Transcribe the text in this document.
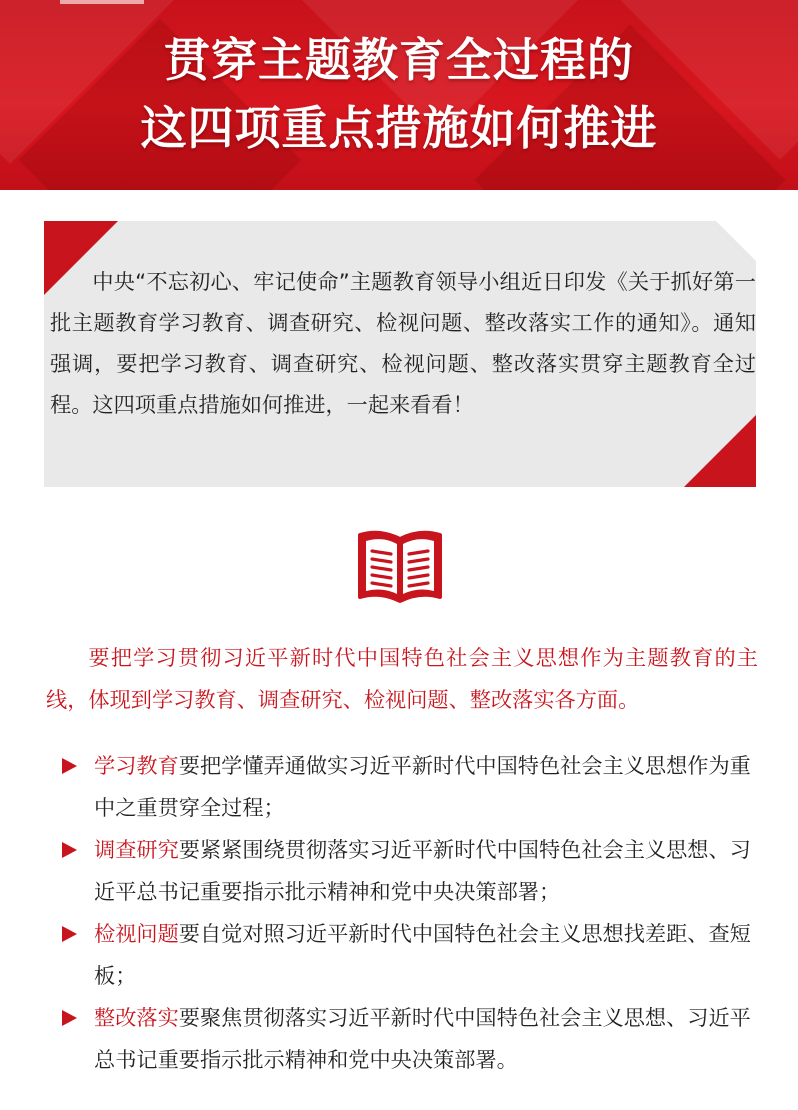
贯穿主题教育全过程的
这四项重点措施如何推进
中央“不忘初心、牢记使命”主题教育领导小组近日印发《关于抓好第一批主题教育学习教育、调查研究、检视问题、整改落实工作的通知》。通知强调，要把学习教育、调查研究、检视问题、整改落实贯穿主题教育全过程。这四项重点措施如何推进，一起来看看！
要把学习贯彻习近平新时代中国特色社会主义思想作为主题教育的主线，体现到学习教育、调查研究、检视问题、整改落实各方面。
学习教育要把学懂弄通做实习近平新时代中国特色社会主义思想作为重中之重贯穿全过程；
调查研究要紧紧围绕贯彻落实习近平新时代中国特色社会主义思想、习近平总书记重要指示批示精神和党中央决策部署；
检视问题要自觉对照习近平新时代中国特色社会主义思想找差距、查短板；
整改落实要聚焦贯彻落实习近平新时代中国特色社会主义思想、习近平总书记重要指示批示精神和党中央决策部署。
